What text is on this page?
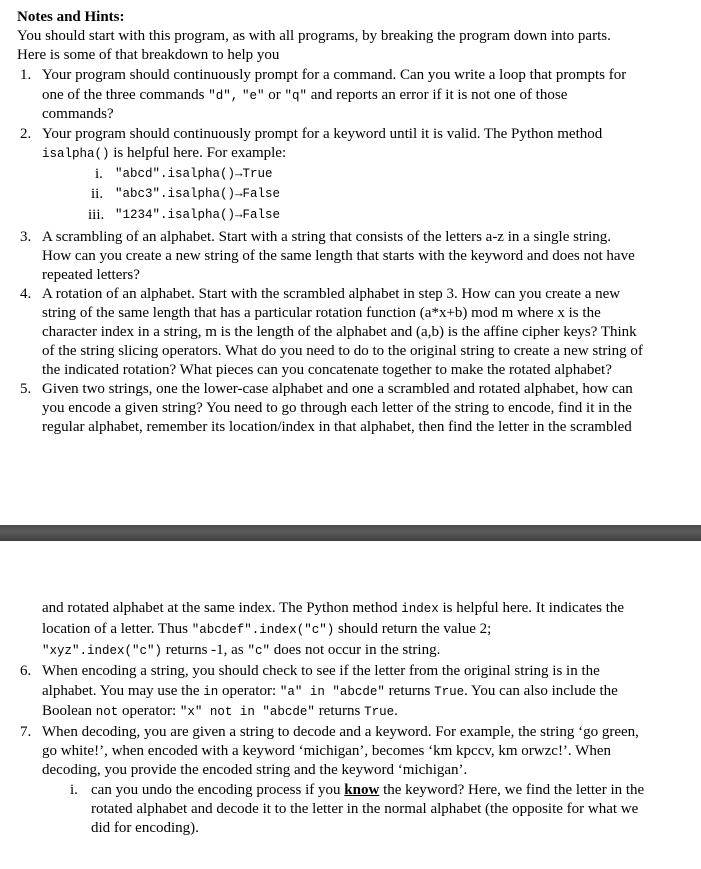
Notes and Hints:
You should start with this program, as with all programs, by breaking the program down into parts.
Here is some of that breakdown to help you
1. Your program should continuously prompt for a command. Can you write a loop that prompts for
one of the three commands "d", "e" or "q" and reports an error if it is not one of those
commands?
2. Your program should continuously prompt for a keyword until it is valid. The Python method
isalpha() is helpful here. For example:
i. "abcd".isalpha()→True
ii. "abc3".isalpha()→False
iii. "1234".isalpha()→False
3. A scrambling of an alphabet. Start with a string that consists of the letters a-z in a single string.
How can you create a new string of the same length that starts with the keyword and does not have
repeated letters?
4. A rotation of an alphabet. Start with the scrambled alphabet in step 3. How can you create a new
string of the same length that has a particular rotation function (a*x+b) mod m where x is the
character index in a string, m is the length of the alphabet and (a,b) is the affine cipher keys? Think
of the string slicing operators. What do you need to do to the original string to create a new string of
the indicated rotation? What pieces can you concatenate together to make the rotated alphabet?
5. Given two strings, one the lower-case alphabet and one a scrambled and rotated alphabet, how can
you encode a given string? You need to go through each letter of the string to encode, find it in the
regular alphabet, remember its location/index in that alphabet, then find the letter in the scrambled
and rotated alphabet at the same index. The Python method index is helpful here. It indicates the
location of a letter. Thus "abcdef".index("c") should return the value 2;
"xyz".index("c") returns -1, as "c" does not occur in the string.
6. When encoding a string, you should check to see if the letter from the original string is in the
alphabet. You may use the in operator: "a" in "abcde" returns True. You can also include the
Boolean not operator: "x" not in "abcde" returns True.
7. When decoding, you are given a string to decode and a keyword. For example, the string ‘go green,
go white!’, when encoded with a keyword ‘michigan’, becomes ‘km kpccv, km orwzc!’. When
decoding, you provide the encoded string and the keyword ‘michigan’.
i. can you undo the encoding process if you know the keyword? Here, we find the letter in the
rotated alphabet and decode it to the letter in the normal alphabet (the opposite for what we
did for encoding).
